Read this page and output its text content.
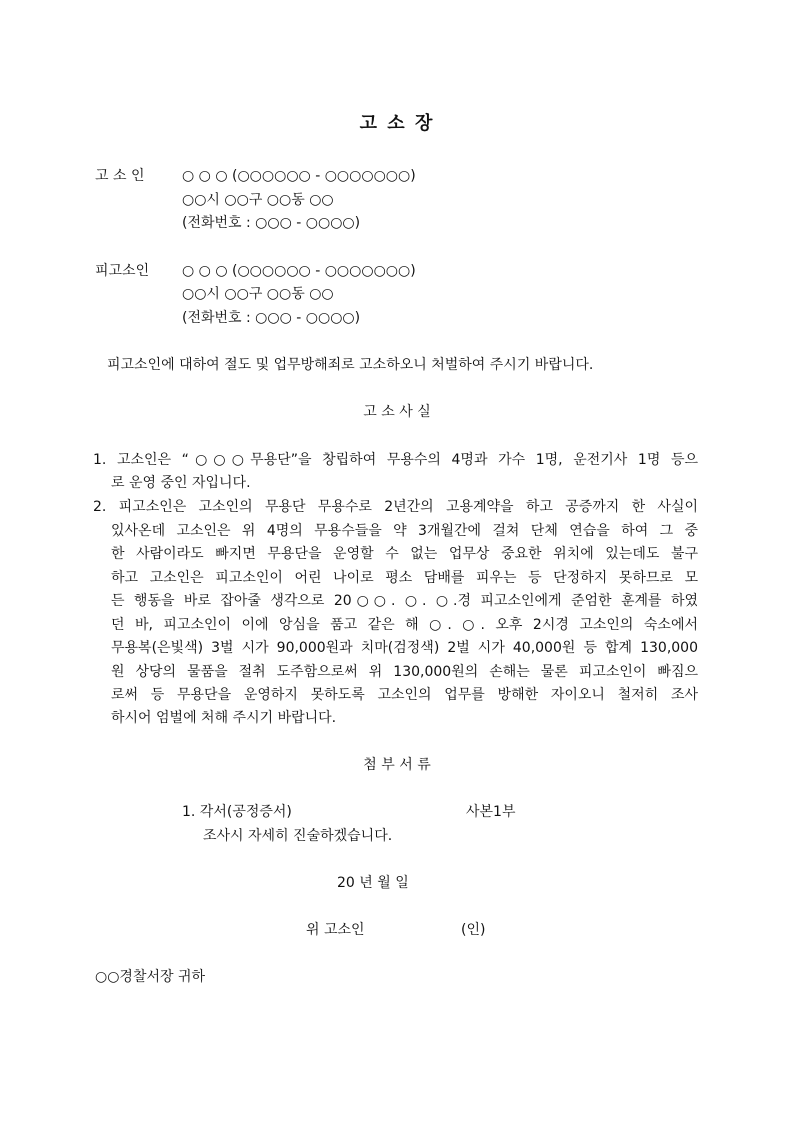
고 소 장
고 소 인	○ ○ ○ (○○○○○○ - ○○○○○○○)
○○시 ○○구 ○○동 ○○
(전화번호 : ○○○ - ○○○○)
피고소인 ○ ○ ○ (○○○○○○ - ○○○○○○○)
○○시 ○○구 ○○동 ○○
(전화번호 : ○○○ - ○○○○)
피고소인에 대하여 절도 및 업무방해죄로 고소하오니 처벌하여 주시기 바랍니다.
고 소 사 실
1. 고소인은 “○○○무용단”을 창립하여 무용수의 4명과 가수 1명, 운전기사 1명 등으
로 운영 중인 자입니다.
2. 피고소인은 고소인의 무용단 무용수로 2년간의 고용계약을 하고 공증까지 한 사실이
있사온데 고소인은 위 4명의 무용수들을 약 3개월간에 걸쳐 단체 연습을 하여 그 중
한 사람이라도 빠지면 무용단을 운영할 수 없는 업무상 중요한 위치에 있는데도 불구
하고 고소인은 피고소인이 어린 나이로 평소 담배를 피우는 등 단정하지 못하므로 모
든 행동을 바로 잡아줄 생각으로 20○○. ○. ○.경 피고소인에게 준엄한 훈계를 하였
던 바, 피고소인이 이에 앙심을 품고 같은 해 ○. ○. 오후 2시경 고소인의 숙소에서
무용복(은빛색) 3벌 시가 90,000원과 치마(검정색) 2벌 시가 40,000원 등 합계 130,000
원 상당의 물품을 절취 도주함으로써 위 130,000원의 손해는 물론 피고소인이 빠짐으
로써 등 무용단을 운영하지 못하도록 고소인의 업무를 방해한 자이오니 철저히 조사
하시어 엄벌에 처해 주시기 바랍니다.
첨 부 서 류
1. 각서(공정증서)	사본1부
조사시 자세히 진술하겠습니다.
20 년 월 일
위 고소인	(인)
○○경찰서장 귀하
